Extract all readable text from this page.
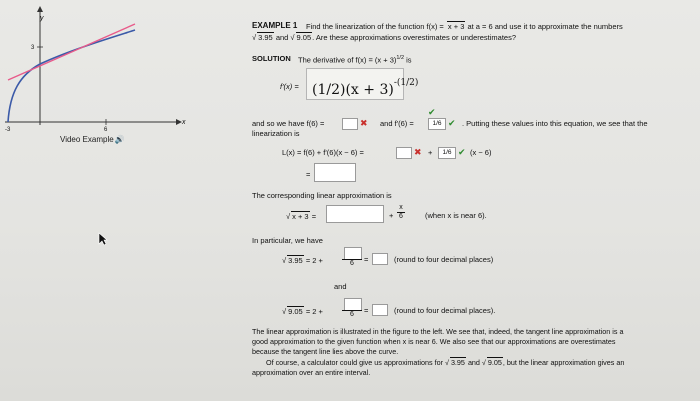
y
x
3
-3	6
Video Example🔊
EXAMPLE 1 Find the linearization of the function f(x) = x + 3 at a = 6 and use it to approximate the numbers
√ 3.95 and √ 9.05. Are these approximations overestimates or underestimates?
SOLUTION The derivative of $f(x) = (x + 3)^{1/2}$ is
$f'(x) = (1/2)(x + 3)^{-(1/2)}$
✔
and so we have f(6) =	✖ and f'(6) =	1/6 ✔ . Putting these values into this equation, we see that the
linearization is
L(x) = f(6) + f'(6)(x − 6) =	✖ +	1/6 ✔ (x − 6)
=
The corresponding linear approximation is
√ x + 3 =	+
x
6	(when x is near 6).
In particular, we have
√ 3.95 = 2 +	6	=	(round to four decimal places)
and
√ 9.05 = 2 +	6	=	(round to four decimal places).
The linear approximation is illustrated in the figure to the left. We see that, indeed, the tangent line approximation is a
good approximation to the given function when x is near 6. We also see that our approximations are overestimates
because the tangent line lies above the curve.
Of course, a calculator could give us approximations for √ 3.95 and √ 9.05, but the linear approximation gives an
approximation over an entire interval.
